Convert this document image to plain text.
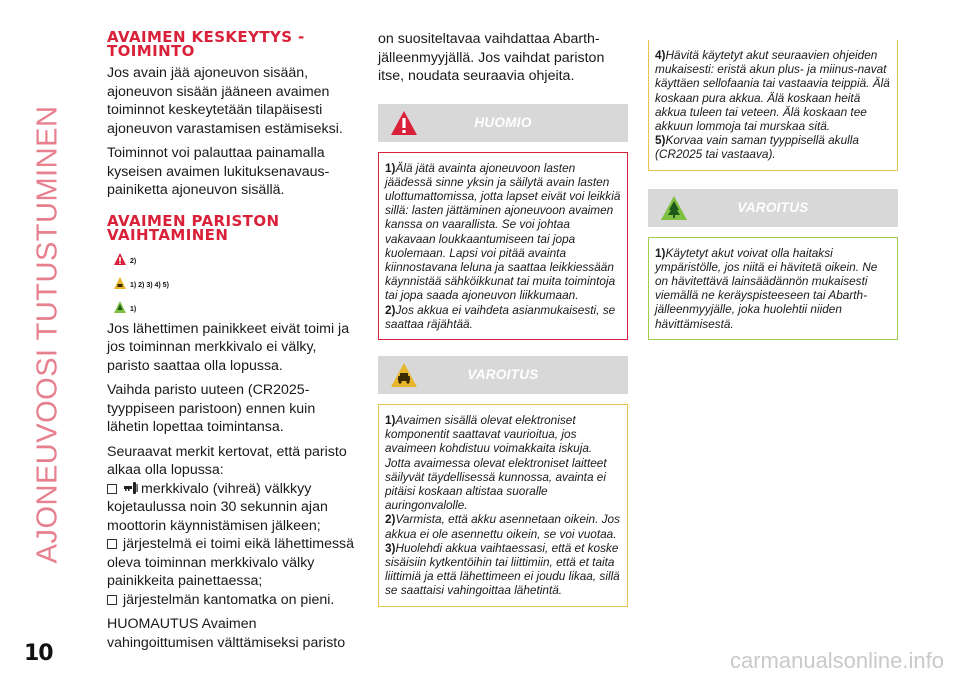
AJONEUVOOSI TUTUSTUMINEN
AVAIMEN KESKEYTYS -TOIMINTO

Jos avain jää ajoneuvon sisään, ajoneuvon sisään jääneen avaimen toiminnot keskeytetään tilapäisesti ajoneuvon varastamisen estämiseksi.

Toiminnot voi palauttaa painamalla kyseisen avaimen lukituksenavaus-painiketta ajoneuvon sisällä.

AVAIMEN PARISTON VAIHTAMINEN
2)
1) 2) 3) 4) 5)
1)

Jos lähettimen painikkeet eivät toimi ja jos toiminnan merkkivalo ei välky, paristo saattaa olla lopussa.

Vaihda paristo uuteen (CR2025-tyyppiseen paristoon) ennen kuin lähetin lopettaa toimintansa.

Seuraavat merkit kertovat, että paristo alkaa olla lopussa:

merkkivalo (vihreä) välkkyy kojetaulussa noin 30 sekunnin ajan moottorin käynnistämisen jälkeen;

järjestelmä ei toimi eikä lähettimessä oleva toiminnan merkkivalo välky painikkeita painettaessa;

järjestelmän kantomatka on pieni.

HUOMAUTUS Avaimen vahingoittumisen välttämiseksi paristo

on suositeltavaa vaihdattaa Abarth-jälleenmyyjällä. Jos vaihdat pariston itse, noudata seuraavia ohjeita.

HUOMIO

1)Älä jätä avainta ajoneuvoon lasten jäädessä sinne yksin ja säilytä avain lasten ulottumattomissa, jotta lapset eivät voi leikkiä sillä: lasten jättäminen ajoneuvoon avaimen kanssa on vaarallista. Se voi johtaa vakavaan loukkaantumiseen tai jopa kuolemaan. Lapsi voi pitää avainta kiinnostavana leluna ja saattaa leikkiessään käynnistää sähköikkunat tai muita toimintoja tai jopa saada ajoneuvon liikkumaan.

2)Jos akkua ei vaihdeta asianmukaisesti, se saattaa räjähtää.

VAROITUS

1)Avaimen sisällä olevat elektroniset komponentit saattavat vaurioitua, jos avaimeen kohdistuu voimakkaita iskuja. Jotta avaimessa olevat elektroniset laitteet säilyvät täydellisessä kunnossa, avainta ei pitäisi koskaan altistaa suoralle auringonvalolle.

2)Varmista, että akku asennetaan oikein. Jos akkua ei ole asennettu oikein, se voi vuotaa.

3)Huolehdi akkua vaihtaessasi, että et koske sisäisiin kytkentöihin tai liittimiin, että et taita liittimiä ja että lähettimeen ei joudu likaa, sillä se saattaisi vahingoittaa lähetintä.

4)Hävitä käytetyt akut seuraavien ohjeiden mukaisesti: eristä akun plus- ja miinus-navat käyttäen sellofaania tai vastaavia teippiä. Älä koskaan pura akkua. Älä koskaan heitä akkua tuleen tai veteen. Älä koskaan tee akkuun lommoja tai murskaa sitä.

5)Korvaa vain saman tyyppisellä akulla (CR2025 tai vastaava).

VAROITUS

1)Käytetyt akut voivat olla haitaksi ympäristölle, jos niitä ei hävitetä oikein. Ne on hävitettävä lainsäädännön mukaisesti viemällä ne keräyspisteeseen tai Abarth-jälleenmyyjälle, joka huolehtii niiden hävittämisestä.

10	carmanualsonline.info
